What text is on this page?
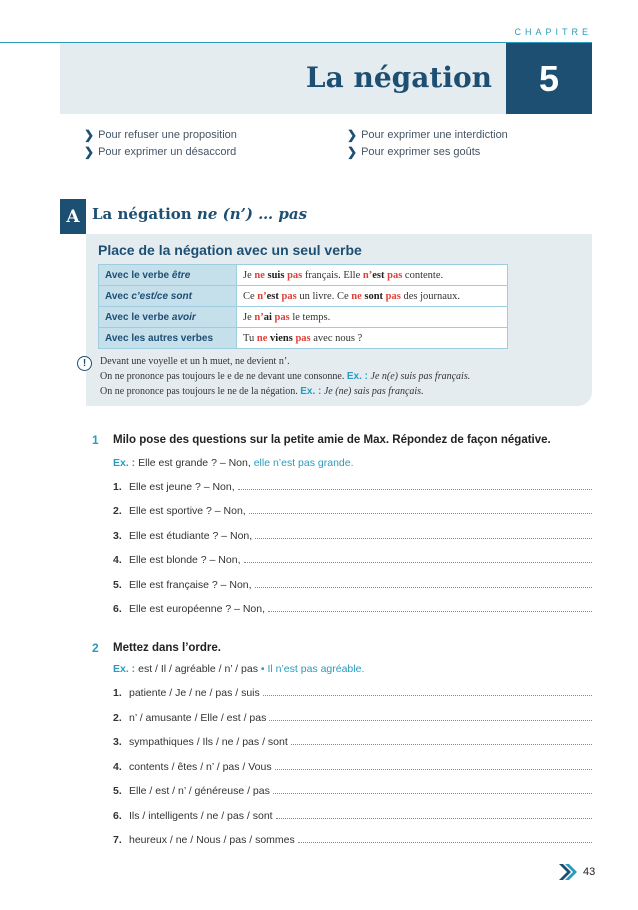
CHAPITRE
La négation	5
❯ Pour refuser une proposition
❯ Pour exprimer un désaccord
❯ Pour exprimer une interdiction
❯ Pour exprimer ses goûts
A La négation ne (n’) … pas
Place de la négation avec un seul verbe
Avec le verbe être	Je ne suis pas français. Elle n’est pas contente.
Avec c’est/ce sont	Ce n’est pas un livre. Ce ne sont pas des journaux.
Avec le verbe avoir	Je n’ai pas le temps.
Avec les autres verbes	Tu ne viens pas avec nous ?
!	Devant une voyelle et un h muet, ne devient n’.
On ne prononce pas toujours le e de ne devant une consonne. Ex. : Je n(e) suis pas français.
On ne prononce pas toujours le ne de la négation. Ex. : Je (ne) sais pas français.
1 Milo pose des questions sur la petite amie de Max. Répondez de façon négative.
Ex. : Elle est grande ? – Non, elle n’est pas grande.
1. Elle est jeune ? – Non,
2. Elle est sportive ? – Non,
3. Elle est étudiante ? – Non,
4. Elle est blonde ? – Non,
5. Elle est française ? – Non,
6. Elle est européenne ? – Non,
2 Mettez dans l’ordre.
Ex. : est / Il / agréable / n’ / pas • Il n’est pas agréable.
1. patiente / Je / ne / pas / suis
2. n’ / amusante / Elle / est / pas
3. sympathiques / Ils / ne / pas / sont
4. contents / êtes / n’ / pas / Vous
5. Elle / est / n’ / généreuse / pas
6. Ils / intelligents / ne / pas / sont
7. heureux / ne / Nous / pas / sommes
43
